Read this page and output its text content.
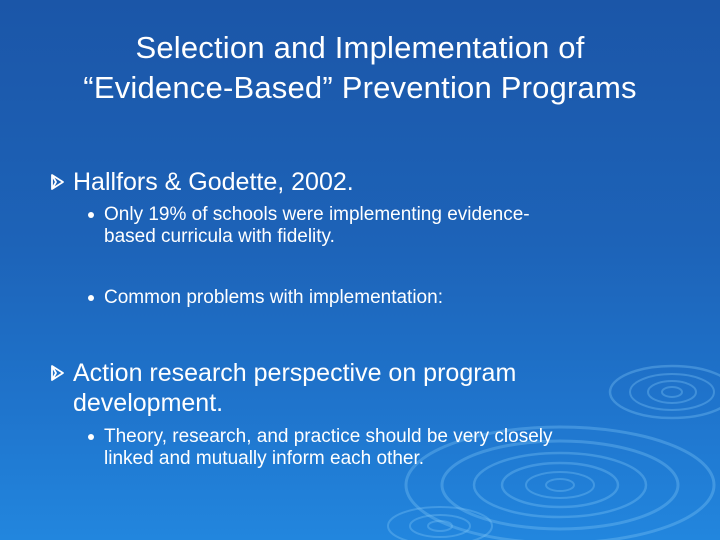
Selection and Implementation of
“Evidence-Based” Prevention Programs
Hallfors & Godette, 2002.
Only 19% of schools were implementing evidence-
based curricula with fidelity.
Common problems with implementation:
Action research perspective on program
development.
Theory, research, and practice should be very closely
linked and mutually inform each other.
